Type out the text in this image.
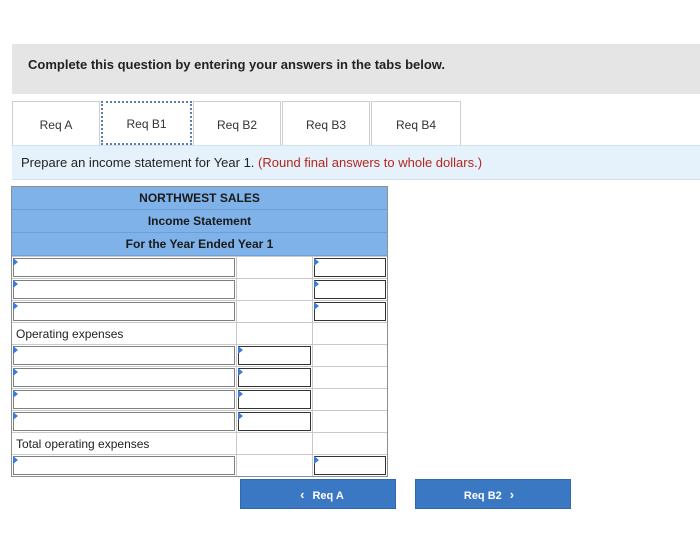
Complete this question by entering your answers in the tabs below.
Req A	Req B1	Req B2	Req B3	Req B4
Prepare an income statement for Year 1. (Round final answers to whole dollars.)
NORTHWEST SALES
Income Statement
For the Year Ended Year 1
Operating expenses
Total operating expenses
‹ Req A	Req B2 ›
